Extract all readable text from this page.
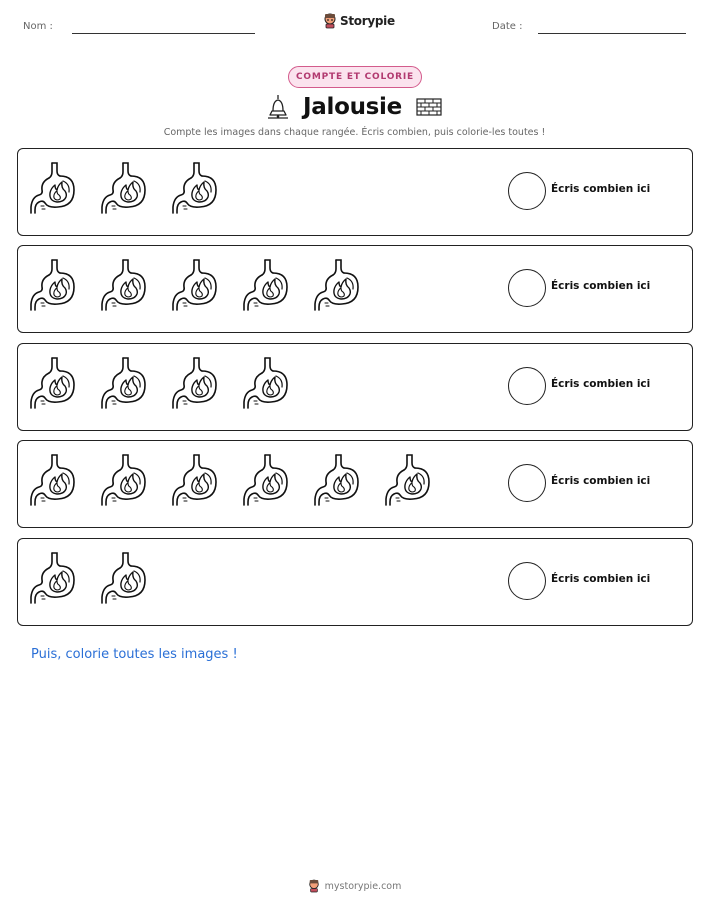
Nom :	Storypie	Date :
COMPTE ET COLORIE
Jalousie
Compte les images dans chaque rangée. Écris combien, puis colorie-les toutes !
Écris combien ici
Écris combien ici
Écris combien ici
Écris combien ici
Écris combien ici
Puis, colorie toutes les images !
mystorypie.com
